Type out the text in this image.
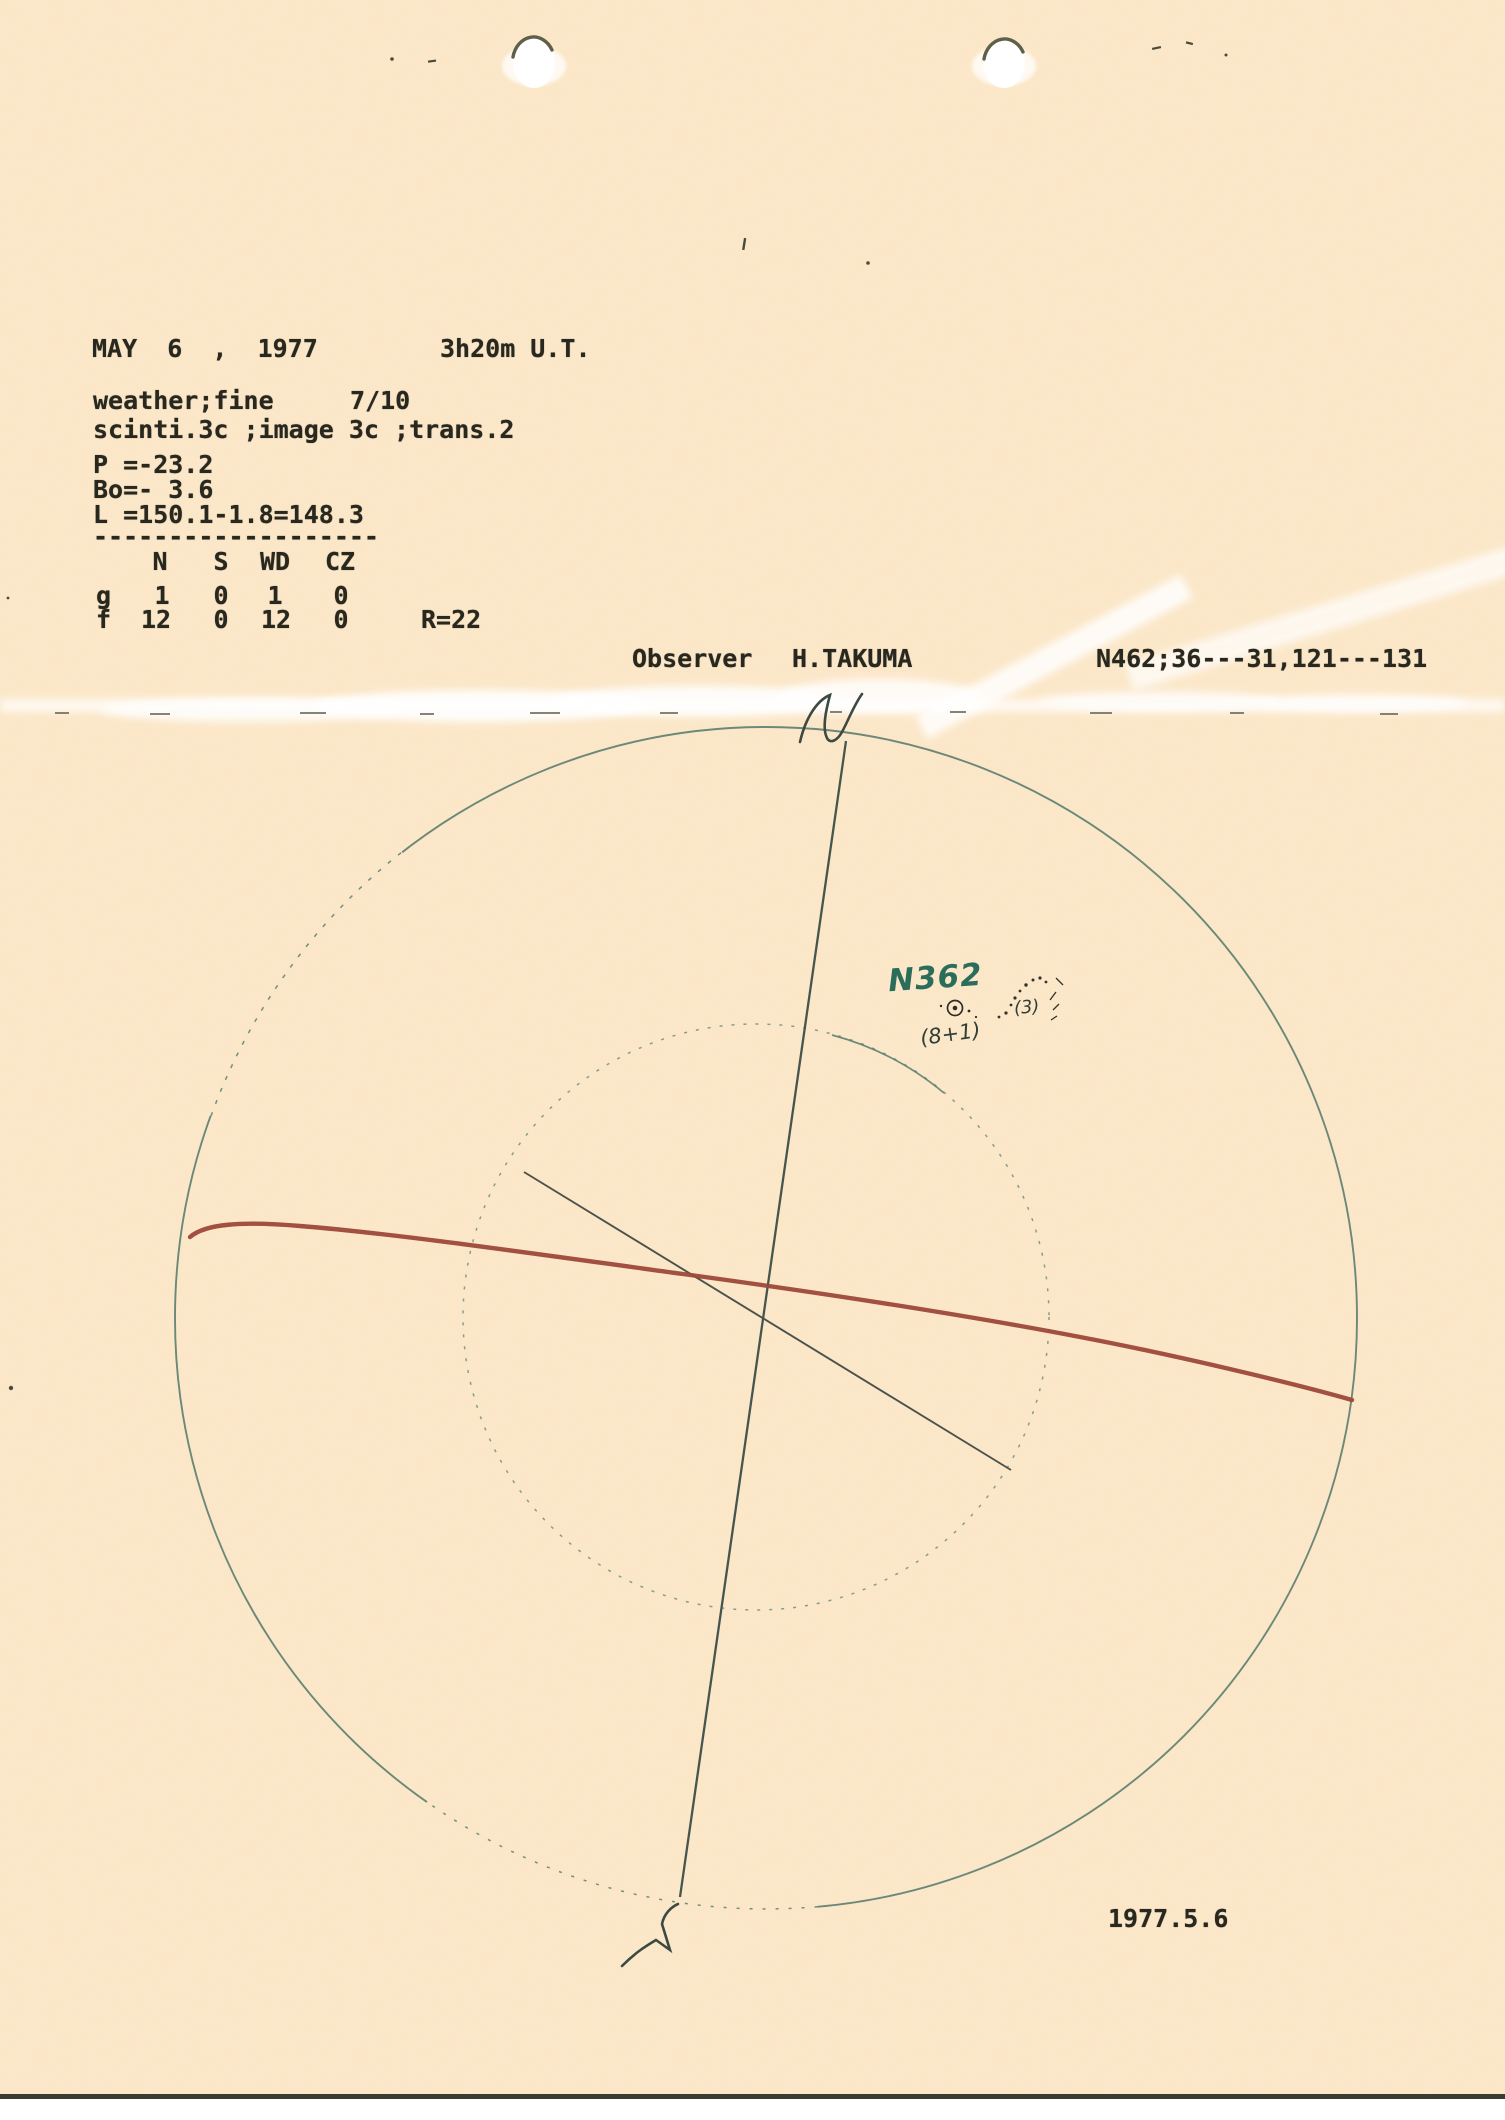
MAY  6  ,  1977	3h20m U.T.
weather;fine	7/10
scinti.3c ;image 3c ;trans.2
P =-23.2
Bo=- 3.6
L =150.1-1.8=148.3
-------------------
N S WD CZ
g 1 0 1 0
f 12 0 12 0	R=22
Observer H.TAKUMA	N462;36---31,121---131
N362
(8+1)
(3)
1977.5.6
